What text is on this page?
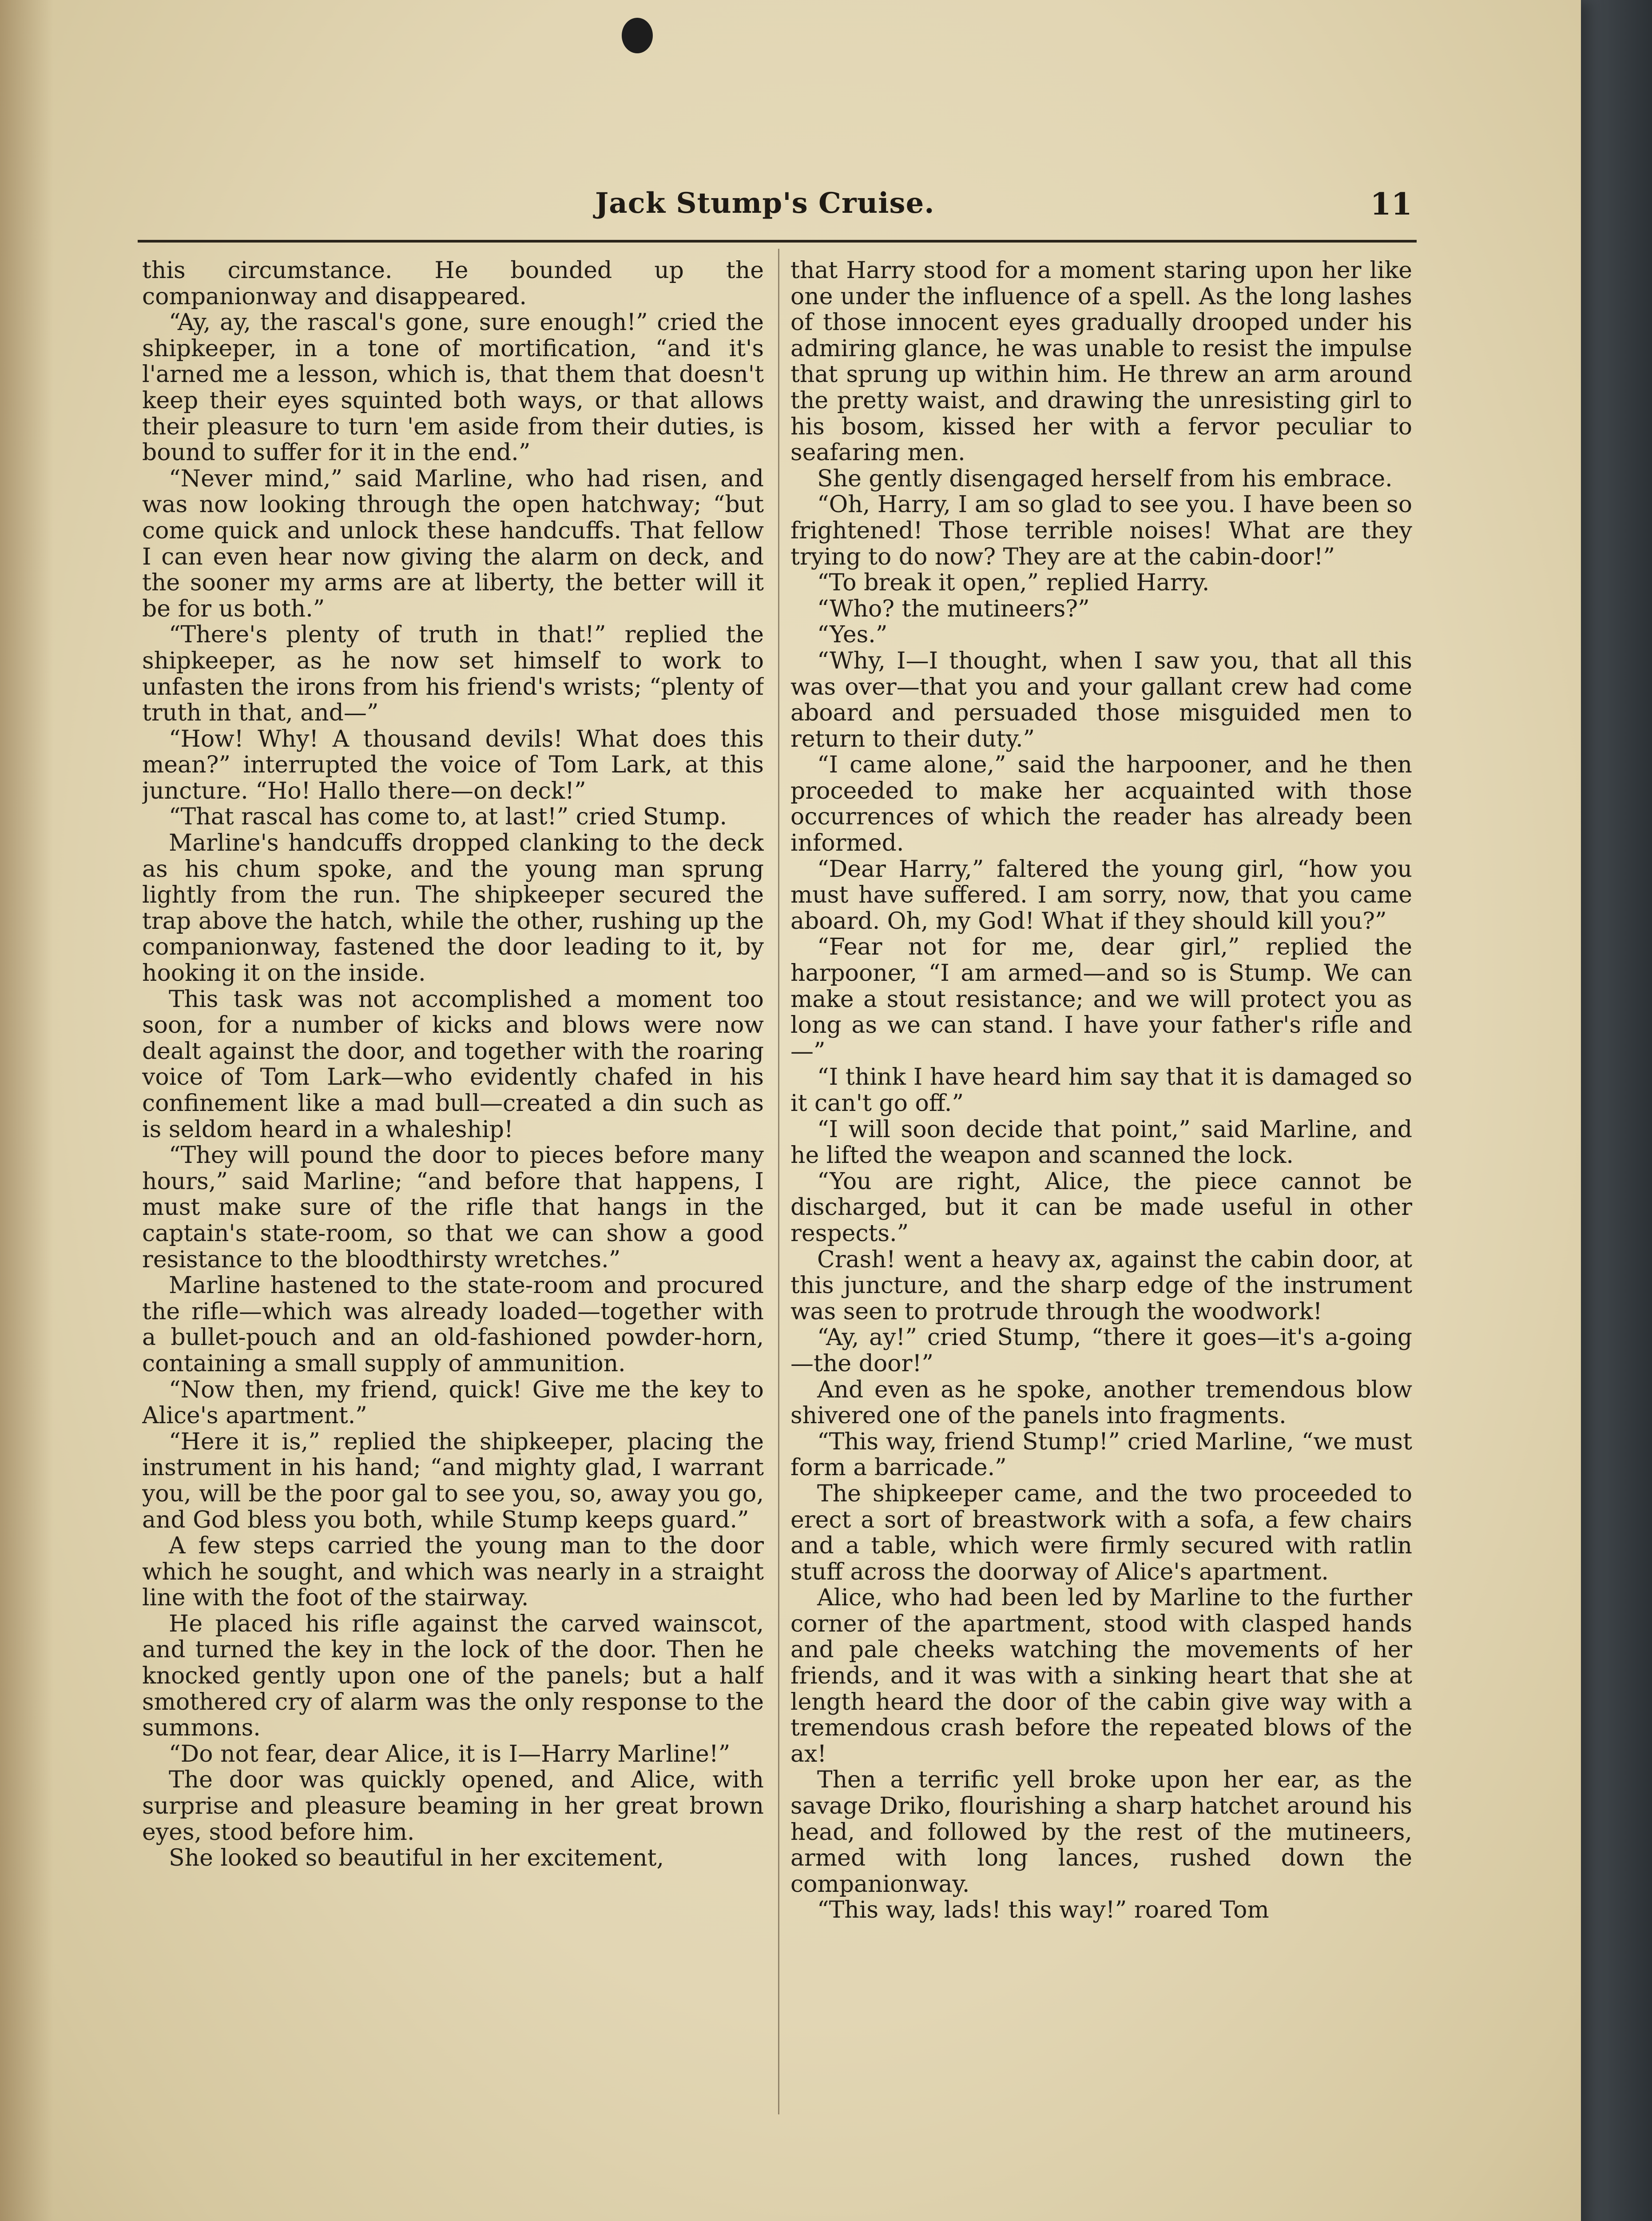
Jack Stump's Cruise.	11

this circumstance. He bounded up the companionway and disappeared.

“Ay, ay, the rascal's gone, sure enough!” cried the shipkeeper, in a tone of mortification, “and it's l'arned me a lesson, which is, that them that doesn't keep their eyes squinted both ways, or that allows their pleasure to turn 'em aside from their duties, is bound to suffer for it in the end.”

“Never mind,” said Marline, who had risen, and was now looking through the open hatchway; “but come quick and unlock these handcuffs. That fellow I can even hear now giving the alarm on deck, and the sooner my arms are at liberty, the better will it be for us both.”

“There's plenty of truth in that!” replied the shipkeeper, as he now set himself to work to unfasten the irons from his friend's wrists; “plenty of truth in that, and—”

“How! Why! A thousand devils! What does this mean?” interrupted the voice of Tom Lark, at this juncture. “Ho! Hallo there—on deck!”

“That rascal has come to, at last!” cried Stump.

Marline's handcuffs dropped clanking to the deck as his chum spoke, and the young man sprung lightly from the run. The shipkeeper secured the trap above the hatch, while the other, rushing up the companionway, fastened the door leading to it, by hooking it on the inside.

This task was not accomplished a moment too soon, for a number of kicks and blows were now dealt against the door, and together with the roaring voice of Tom Lark—who evidently chafed in his confinement like a mad bull—created a din such as is seldom heard in a whaleship!

“They will pound the door to pieces before many hours,” said Marline; “and before that happens, I must make sure of the rifle that hangs in the captain's state-room, so that we can show a good resistance to the bloodthirsty wretches.”

Marline hastened to the state-room and procured the rifle—which was already loaded—together with a bullet-pouch and an old-fashioned powder-horn, containing a small supply of ammunition.

“Now then, my friend, quick! Give me the key to Alice's apartment.”

“Here it is,” replied the shipkeeper, placing the instrument in his hand; “and mighty glad, I warrant you, will be the poor gal to see you, so, away you go, and God bless you both, while Stump keeps guard.”

A few steps carried the young man to the door which he sought, and which was nearly in a straight line with the foot of the stairway.

He placed his rifle against the carved wainscot, and turned the key in the lock of the door. Then he knocked gently upon one of the panels; but a half smothered cry of alarm was the only response to the summons.

“Do not fear, dear Alice, it is I—Harry Marline!”

The door was quickly opened, and Alice, with surprise and pleasure beaming in her great brown eyes, stood before him.

She looked so beautiful in her excitement,

that Harry stood for a moment staring upon her like one under the influence of a spell. As the long lashes of those innocent eyes gradually drooped under his admiring glance, he was unable to resist the impulse that sprung up within him. He threw an arm around the pretty waist, and drawing the unresisting girl to his bosom, kissed her with a fervor peculiar to seafaring men.

She gently disengaged herself from his embrace.

“Oh, Harry, I am so glad to see you. I have been so frightened! Those terrible noises! What are they trying to do now? They are at the cabin-door!”

“To break it open,” replied Harry.

“Who? the mutineers?”

“Yes.”

“Why, I—I thought, when I saw you, that all this was over—that you and your gallant crew had come aboard and persuaded those misguided men to return to their duty.”

“I came alone,” said the harpooner, and he then proceeded to make her acquainted with those occurrences of which the reader has already been informed.

“Dear Harry,” faltered the young girl, “how you must have suffered. I am sorry, now, that you came aboard. Oh, my God! What if they should kill you?”

“Fear not for me, dear girl,” replied the harpooner, “I am armed—and so is Stump. We can make a stout resistance; and we will protect you as long as we can stand. I have your father's rifle and—”

“I think I have heard him say that it is damaged so it can't go off.”

“I will soon decide that point,” said Marline, and he lifted the weapon and scanned the lock.

“You are right, Alice, the piece cannot be discharged, but it can be made useful in other respects.”

Crash! went a heavy ax, against the cabin door, at this juncture, and the sharp edge of the instrument was seen to protrude through the woodwork!

“Ay, ay!” cried Stump, “there it goes—it's a-going—the door!”

And even as he spoke, another tremendous blow shivered one of the panels into fragments.

“This way, friend Stump!” cried Marline, “we must form a barricade.”

The shipkeeper came, and the two proceeded to erect a sort of breastwork with a sofa, a few chairs and a table, which were firmly secured with ratlin stuff across the doorway of Alice's apartment.

Alice, who had been led by Marline to the further corner of the apartment, stood with clasped hands and pale cheeks watching the movements of her friends, and it was with a sinking heart that she at length heard the door of the cabin give way with a tremendous crash before the repeated blows of the ax!

Then a terrific yell broke upon her ear, as the savage Driko, flourishing a sharp hatchet around his head, and followed by the rest of the mutineers, armed with long lances, rushed down the companionway.

“This way, lads! this way!” roared Tom
